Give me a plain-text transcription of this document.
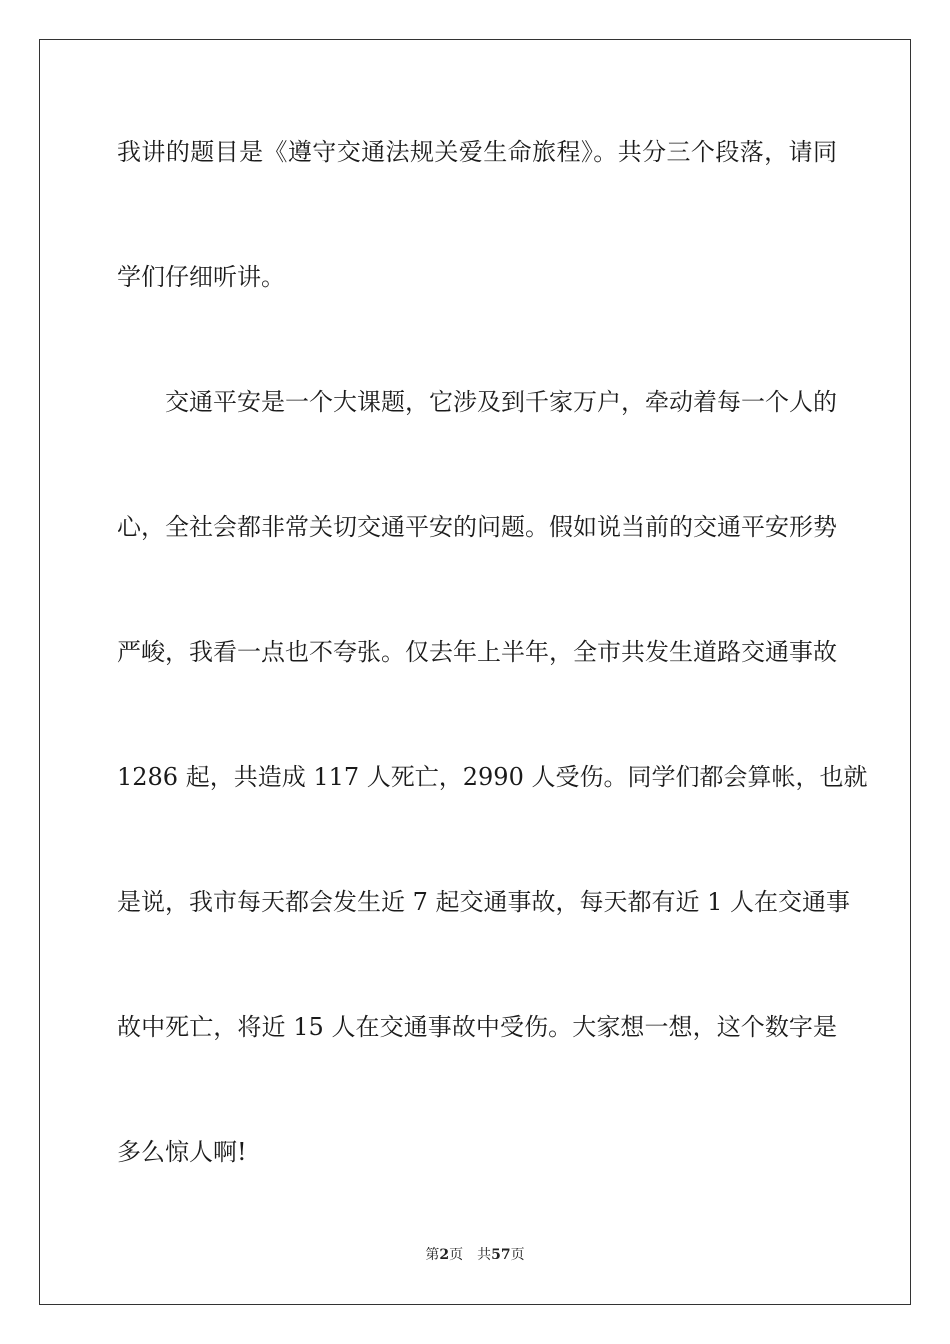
我讲的题目是《遵守交通法规关爱生命旅程》。共分三个段落，请同
学们仔细听讲。
交通平安是一个大课题，它涉及到千家万户，牵动着每一个人的
心，全社会都非常关切交通平安的问题。假如说当前的交通平安形势
严峻，我看一点也不夸张。仅去年上半年，全市共发生道路交通事故
1286 起，共造成 117 人死亡，2990 人受伤。同学们都会算帐，也就
是说，我市每天都会发生近 7 起交通事故，每天都有近 1 人在交通事
故中死亡，将近 15 人在交通事故中受伤。大家想一想，这个数字是
多么惊人啊!
第2页 共57页
